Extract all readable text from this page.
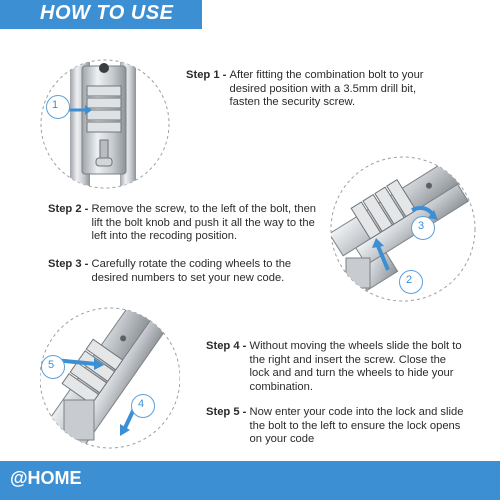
HOW TO USE
1
Step 1 - After fitting the combination bolt to your desired position with a 3.5mm drill bit, fasten the security screw.
3
2
Step 2 - Remove the screw, to the left of the bolt, then lift the bolt knob and push it all the way to the left into the recoding position.
Step 3 - Carefully rotate the coding wheels to the desired numbers to set your new code.
5
4
Step 4 - Without moving the wheels slide the bolt to the right and insert the screw. Close the lock and and turn the wheels to hide your combination.
Step 5 - Now enter your code into the lock and slide the bolt to the left to ensure the lock opens on your code
@HOME
